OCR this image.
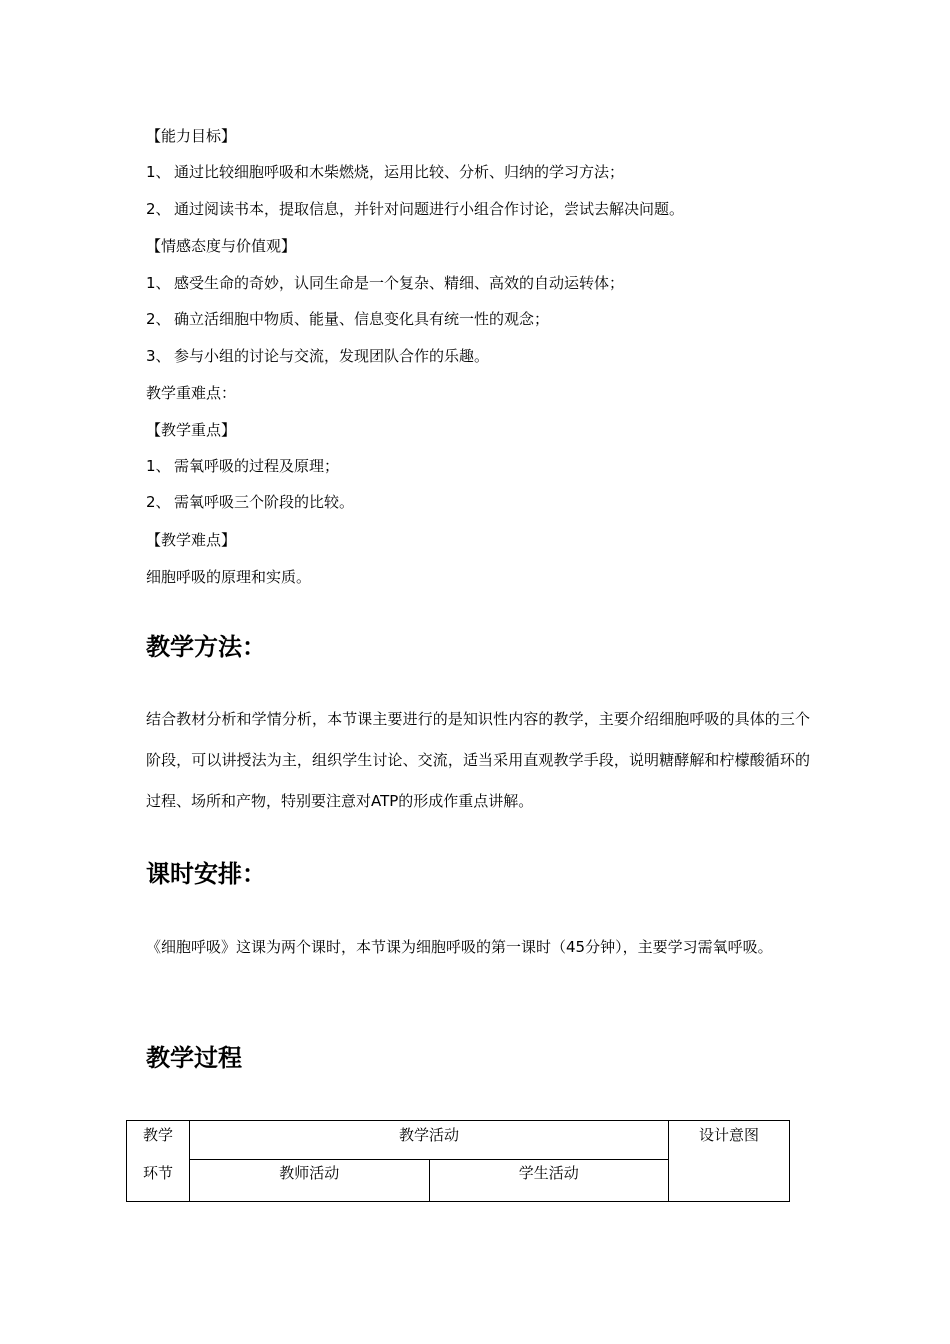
【能力目标】
1、 通过比较细胞呼吸和木柴燃烧，运用比较、分析、归纳的学习方法；
2、 通过阅读书本，提取信息，并针对问题进行小组合作讨论，尝试去解决问题。
【情感态度与价值观】
1、 感受生命的奇妙，认同生命是一个复杂、精细、高效的自动运转体；
2、 确立活细胞中物质、能量、信息变化具有统一性的观念；
3、 参与小组的讨论与交流，发现团队合作的乐趣。
教学重难点：
【教学重点】
1、 需氧呼吸的过程及原理；
2、 需氧呼吸三个阶段的比较。
【教学难点】
细胞呼吸的原理和实质。
教学方法：
结合教材分析和学情分析，本节课主要进行的是知识性内容的教学，主要介绍细胞呼吸的具体的三个阶段，可以讲授法为主，组织学生讨论、交流，适当采用直观教学手段，说明糖酵解和柠檬酸循环的过程、场所和产物，特别要注意对ATP的形成作重点讲解。
课时安排：
《细胞呼吸》这课为两个课时，本节课为细胞呼吸的第一课时（45分钟），主要学习需氧呼吸。
教学过程
教学
环节	教学活动		设计意图
	教师活动	学生活动	
